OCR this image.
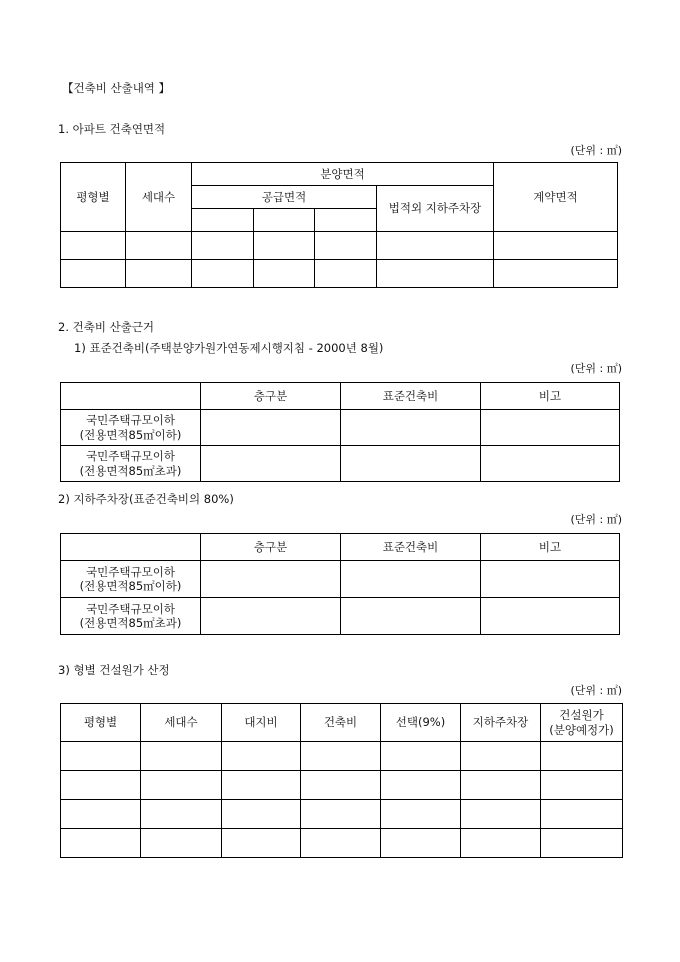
【건축비 산출내역 】
1. 아파트 건축연면적
(단위 : ㎡)
평형별	세대수	분양면적				계약면적
		공급면적			법적외 지하주차장	

2. 건축비 산출근거
1) 표준건축비(주택분양가원가연동제시행지침 - 2000년 8월)
(단위 : ㎡)
	층구분	표준건축비	비고

국민주택규모이하
(전용면적85㎡이하)			

국민주택규모이하
(전용면적85㎡초과)			

2) 지하주차장(표준건축비의 80%)
(단위 : ㎡)
	층구분	표준건축비	비고

국민주택규모이하
(전용면적85㎡이하)			

국민주택규모이하
(전용면적85㎡초과)			

3) 형별 건설원가 산정
(단위 : ㎡)
평형별	세대수	대지비	건축비	선택(9%)	지하주차장	건설원가
(분양예정가)
